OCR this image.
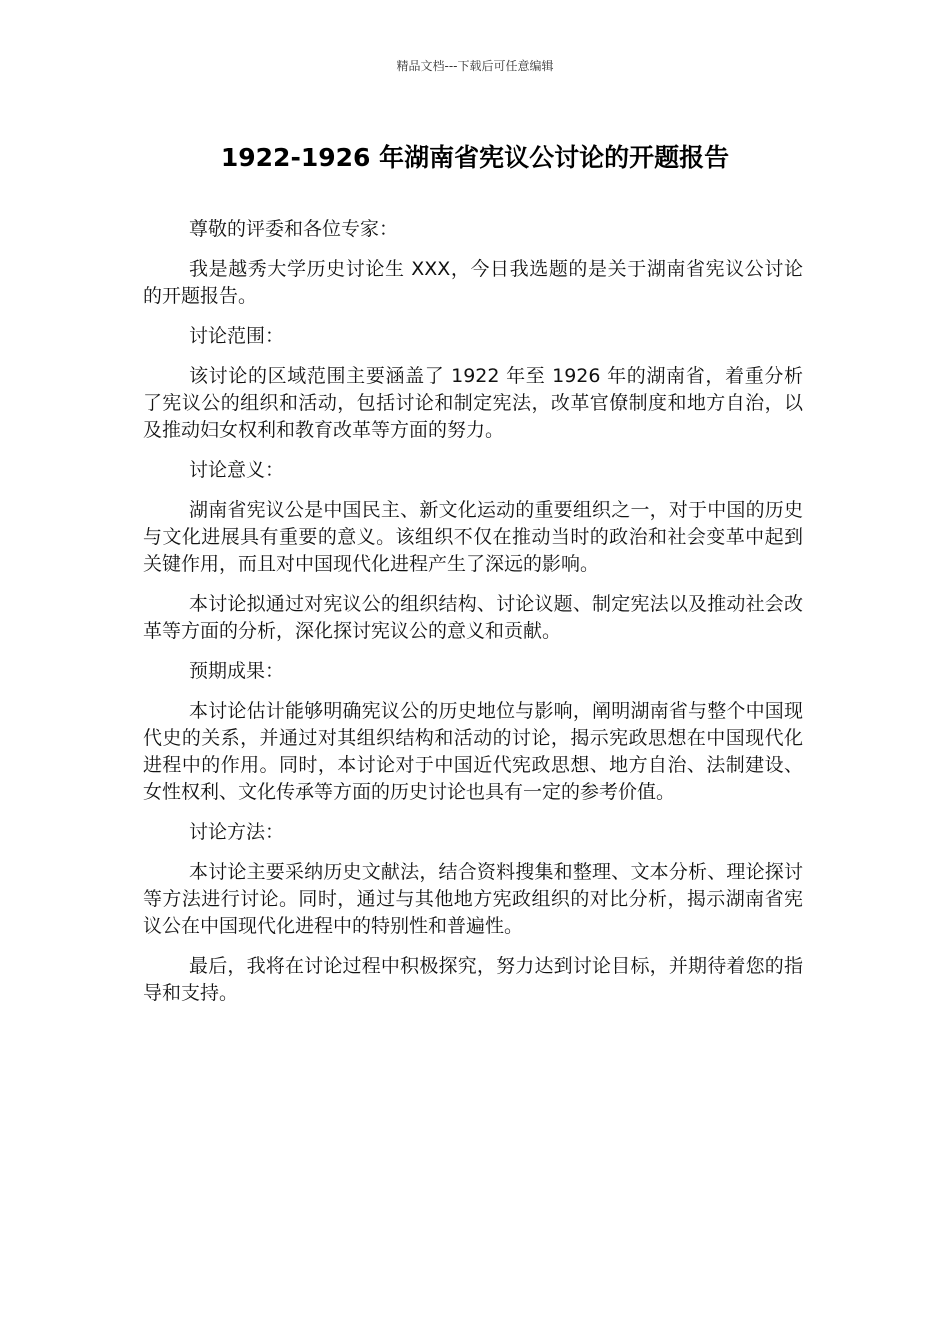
精品文档---下载后可任意编辑
1922-1926 年湖南省宪议公讨论的开题报告

尊敬的评委和各位专家：

我是越秀大学历史讨论生 XXX，今日我选题的是关于湖南省宪议公讨论的开题报告。

讨论范围：

该讨论的区域范围主要涵盖了 1922 年至 1926 年的湖南省，着重分析了宪议公的组织和活动，包括讨论和制定宪法，改革官僚制度和地方自治，以及推动妇女权利和教育改革等方面的努力。

讨论意义：

湖南省宪议公是中国民主、新文化运动的重要组织之一，对于中国的历史与文化进展具有重要的意义。该组织不仅在推动当时的政治和社会变革中起到关键作用，而且对中国现代化进程产生了深远的影响。

本讨论拟通过对宪议公的组织结构、讨论议题、制定宪法以及推动社会改革等方面的分析，深化探讨宪议公的意义和贡献。

预期成果：

本讨论估计能够明确宪议公的历史地位与影响，阐明湖南省与整个中国现代史的关系，并通过对其组织结构和活动的讨论，揭示宪政思想在中国现代化进程中的作用。同时，本讨论对于中国近代宪政思想、地方自治、法制建设、女性权利、文化传承等方面的历史讨论也具有一定的参考价值。

讨论方法：

本讨论主要采纳历史文献法，结合资料搜集和整理、文本分析、理论探讨等方法进行讨论。同时，通过与其他地方宪政组织的对比分析，揭示湖南省宪议公在中国现代化进程中的特别性和普遍性。

最后，我将在讨论过程中积极探究，努力达到讨论目标，并期待着您的指导和支持。
